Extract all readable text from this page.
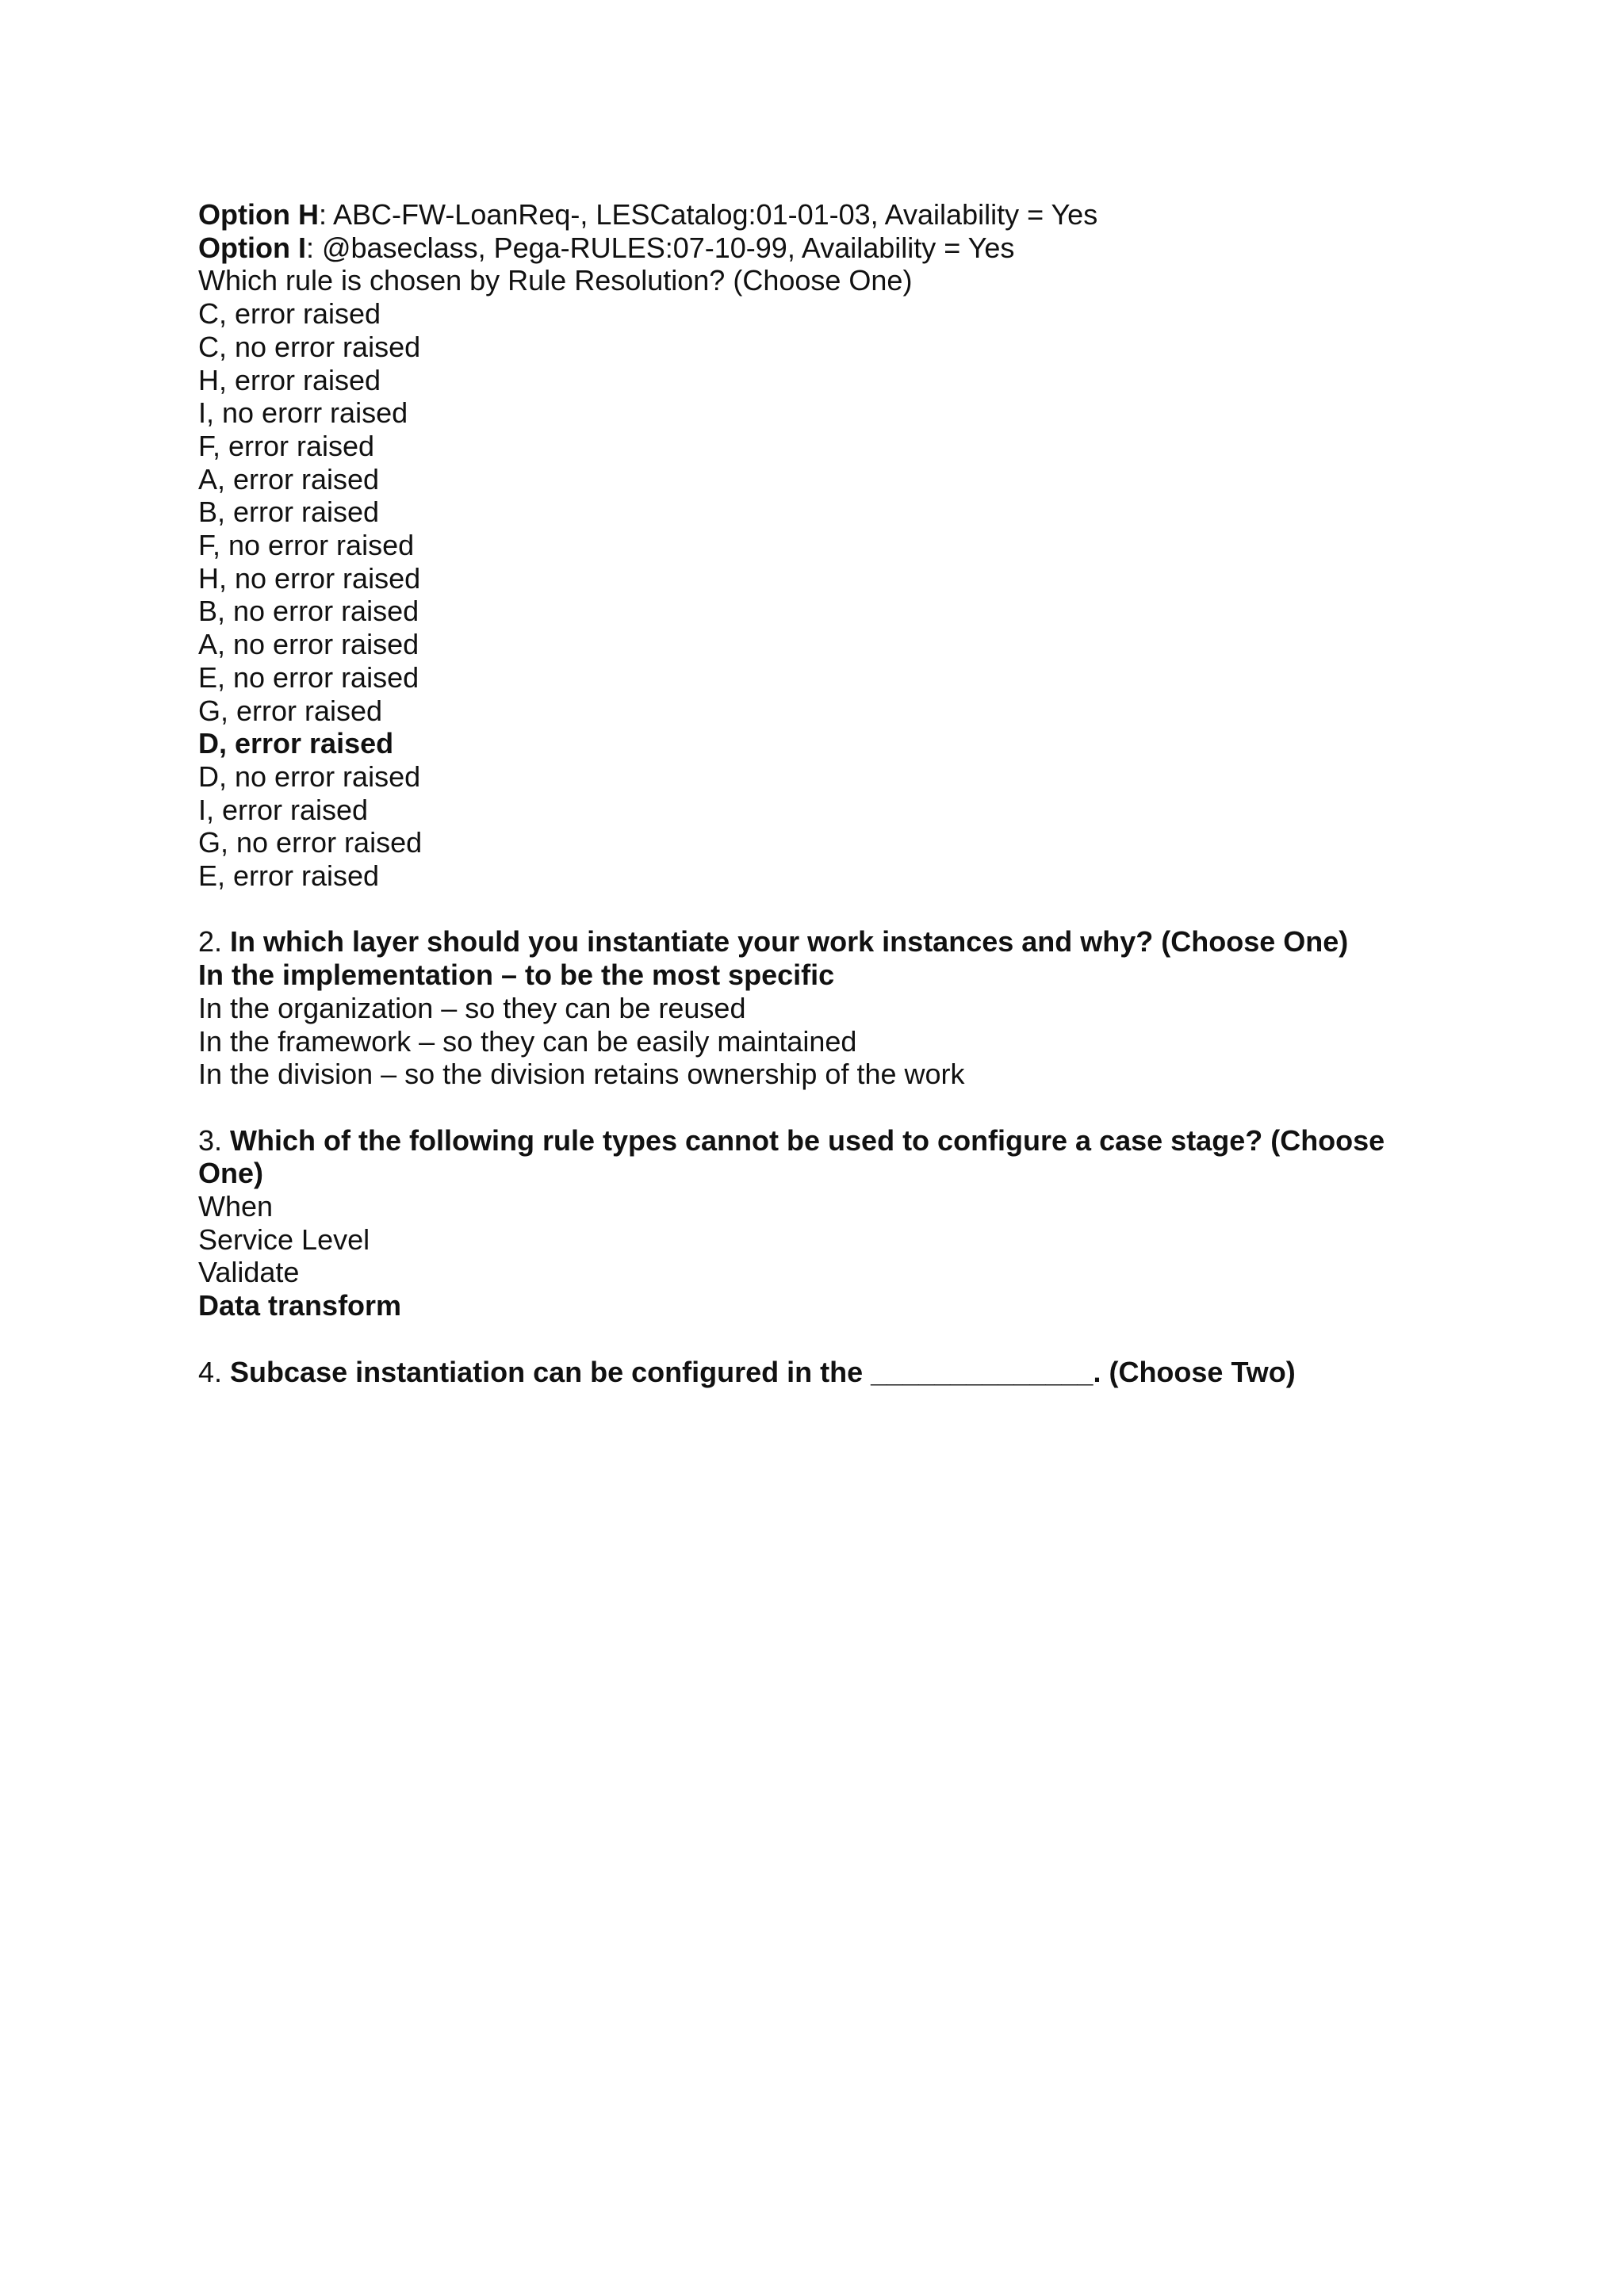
Option H: ABC-FW-LoanReq-, LESCatalog:01-01-03, Availability = Yes
Option I: @baseclass, Pega-RULES:07-10-99, Availability = Yes
Which rule is chosen by Rule Resolution? (Choose One)
C, error raised
C, no error raised
H, error raised
I, no erorr raised
F, error raised
A, error raised
B, error raised
F, no error raised
H, no error raised
B, no error raised
A, no error raised
E, no error raised
G, error raised
D, error raised
D, no error raised
I, error raised
G, no error raised
E, error raised
2. In which layer should you instantiate your work instances and why? (Choose One)
In the implementation – to be the most specific
In the organization – so they can be reused
In the framework – so they can be easily maintained
In the division – so the division retains ownership of the work
3. Which of the following rule types cannot be used to configure a case stage? (Choose One)
When
Service Level
Validate
Data transform
4. Subcase instantiation can be configured in the ______________. (Choose Two)
